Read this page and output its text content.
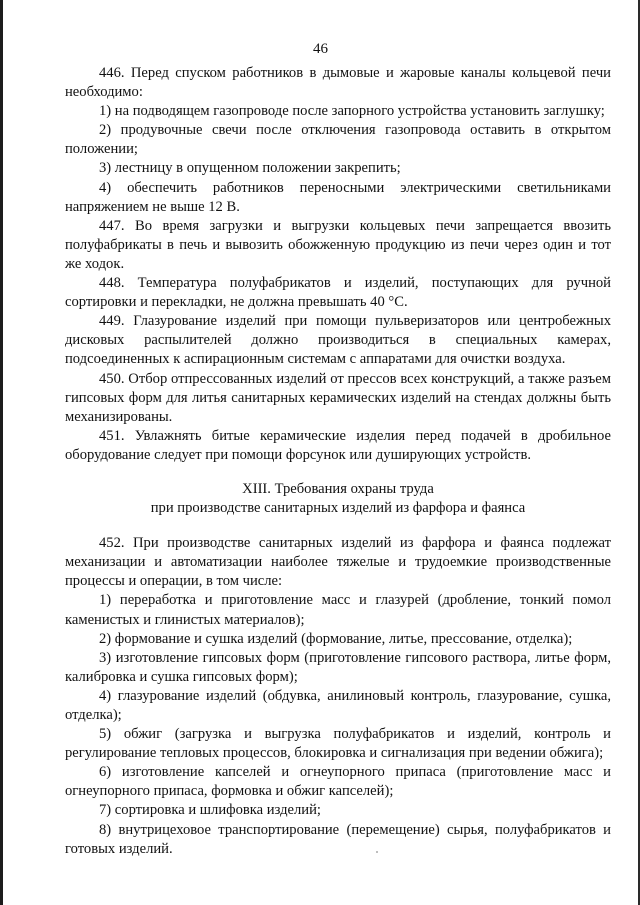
46

446. Перед спуском работников в дымовые и жаровые каналы кольцевой печи необходимо:

1) на подводящем газопроводе после запорного устройства установить заглушку;

2) продувочные свечи после отключения газопровода оставить в открытом положении;

3) лестницу в опущенном положении закрепить;

4) обеспечить работников переносными электрическими светильниками напряжением не выше 12 В.

447. Во время загрузки и выгрузки кольцевых печи запрещается ввозить полуфабрикаты в печь и вывозить обожженную продукцию из печи через один и тот же ходок.

448. Температура полуфабрикатов и изделий, поступающих для ручной сортировки и перекладки, не должна превышать 40 °С.

449. Глазурование изделий при помощи пульверизаторов или центробежных дисковых распылителей должно производиться в специальных камерах, подсоединенных к аспирационным системам с аппаратами для очистки воздуха.

450. Отбор отпрессованных изделий от прессов всех конструкций, а также разъем гипсовых форм для литья санитарных керамических изделий на стендах должны быть механизированы.

451. Увлажнять битые керамические изделия перед подачей в дробильное оборудование следует при помощи форсунок или душирующих устройств.

XIII. Требования охраны труда

при производстве санитарных изделий из фарфора и фаянса

452. При производстве санитарных изделий из фарфора и фаянса подлежат механизации и автоматизации наиболее тяжелые и трудоемкие производственные процессы и операции, в том числе:

1) переработка и приготовление масс и глазурей (дробление, тонкий помол каменистых и глинистых материалов);

2) формование и сушка изделий (формование, литье, прессование, отделка);

3) изготовление гипсовых форм (приготовление гипсового раствора, литье форм, калибровка и сушка гипсовых форм);

4) глазурование изделий (обдувка, анилиновый контроль, глазурование, сушка, отделка);

5) обжиг (загрузка и выгрузка полуфабрикатов и изделий, контроль и регулирование тепловых процессов, блокировка и сигнализация при ведении обжига);

6) изготовление капселей и огнеупорного припаса (приготовление масс и огнеупорного припаса, формовка и обжиг капселей);

7) сортировка и шлифовка изделий;

8) внутрицеховое транспортирование (перемещение) сырья, полуфабрикатов и готовых изделий.
